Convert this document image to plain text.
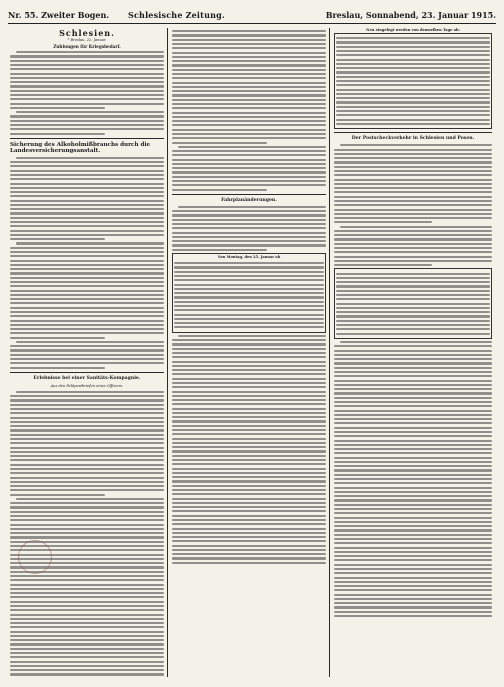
Nr. 55. Zweiter Bogen.	Schlesische Zeitung.	Breslau, Sonnabend, 23. Januar 1915.
Schlesien.
* Breslau, 22. Januar.
Zuhlungen für Kriegsbedarf.
Sicherung des Alkoholmißbrauchs durch die Landesversicherungsanstalt.
Erlebnisse bei einer Sanitäts-Kompagnie.
Aus den Feldpostbriefen eines Offiziers.
Fahrplanänderungen.
Von Montag, den 25. Januar ab
Neu eingelegt werden von demselben Tage ab:
Der Postscheckverkehr in Schlesien und Posen.
